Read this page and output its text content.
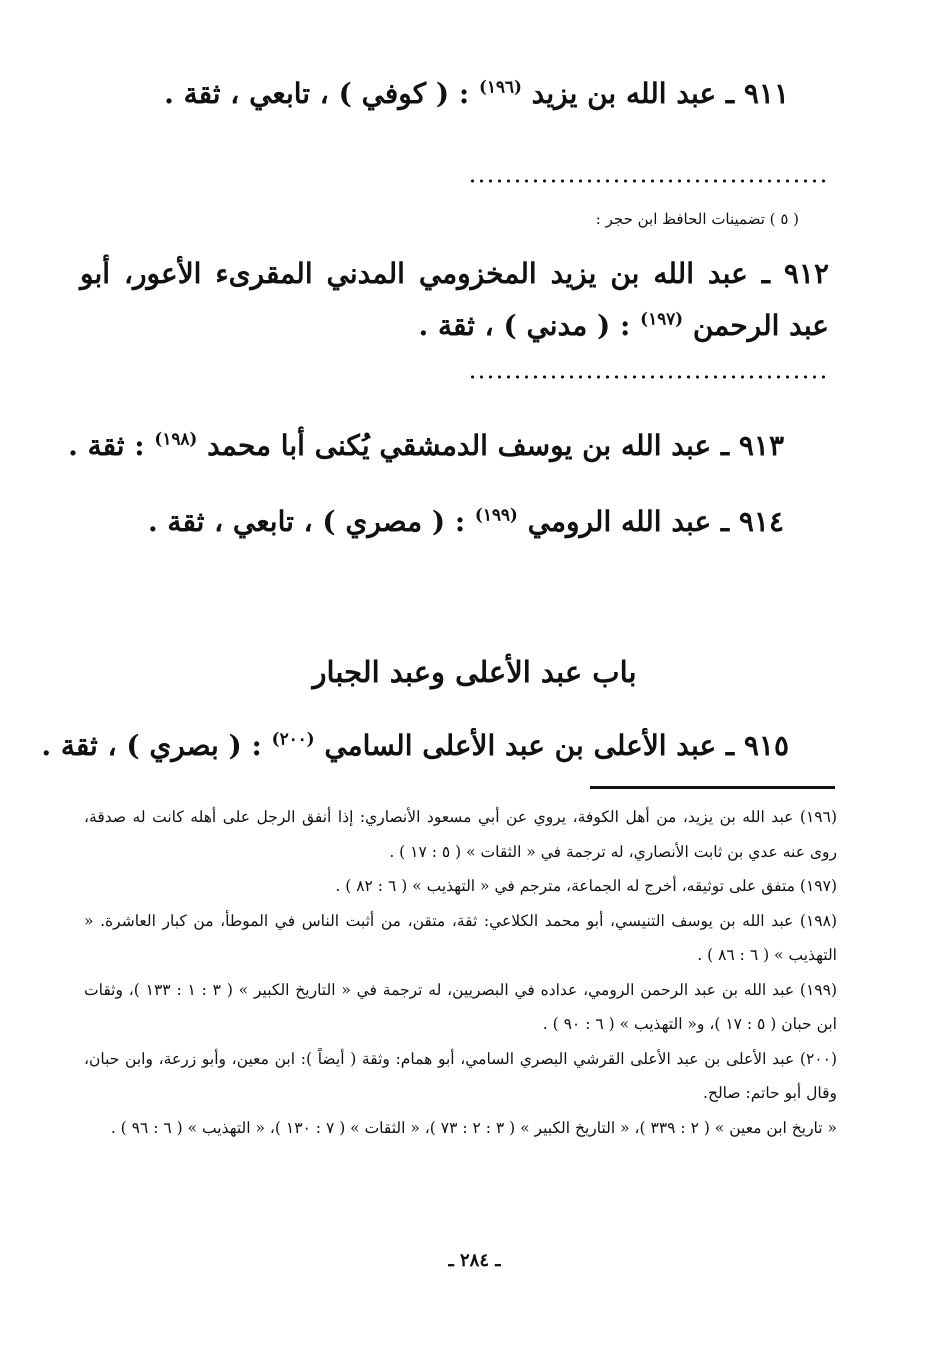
٩١١ ـ عبد الله بن يزيد $^{(١٩٦)}$ : ( كوفي ) ، تابعي ، ثقة .
( ٥ ) تضمينات الحافظ ابن حجر :
٩١٢ ـ عبد الله بن يزيد المخزومي المدني المقرىء الأعور، أبو عبد الرحمن $^{(١٩٧)}$ : ( مدني ) ، ثقة .
٩١٣ ـ عبد الله بن يوسف الدمشقي يُكنى أبا محمد $^{(١٩٨)}$ : ثقة .
٩١٤ ـ عبد الله الرومي $^{(١٩٩)}$ : ( مصري ) ، تابعي ، ثقة .
باب عبد الأعلى وعبد الجبار
٩١٥ ـ عبد الأعلى بن عبد الأعلى السامي $^{(٢٠٠)}$ : ( بصري ) ، ثقة .

(١٩٦) عبد الله بن يزيد، من أهل الكوفة، يروي عن أبي مسعود الأنصاري: إذا أنفق الرجل على أهله كانت له صدقة، روى عنه عدي بن ثابت الأنصاري، له ترجمة في « الثقات » ( ٥ : ١٧ ) .

(١٩٧) متفق على توثيقه، أخرج له الجماعة، مترجم في « التهذيب » ( ٦ : ٨٢ ) .

(١٩٨) عبد الله بن يوسف التنيسي، أبو محمد الكلاعي: ثقة، متقن، من أثبت الناس في الموطأ، من كبار العاشرة. « التهذيب » ( ٦ : ٨٦ ) .

(١٩٩) عبد الله بن عبد الرحمن الرومي، عداده في البصريين، له ترجمة في « التاريخ الكبير » ( ٣ : ١ : ١٣٣ )، وثقات ابن حبان ( ٥ : ١٧ )، و« التهذيب » ( ٦ : ٩٠ ) .

(٢٠٠) عبد الأعلى بن عبد الأعلى القرشي البصري السامي، أبو همام: وثقة ( أيضاً ): ابن معين، وأبو زرعة، وابن حبان، وقال أبو حاتم: صالح.

« تاريخ ابن معين » ( ٢ : ٣٣٩ )، « التاريخ الكبير » ( ٣ : ٢ : ٧٣ )، « الثقات » ( ٧ : ١٣٠ )، « التهذيب » ( ٦ : ٩٦ ) .

ـ ٢٨٤ ـ
